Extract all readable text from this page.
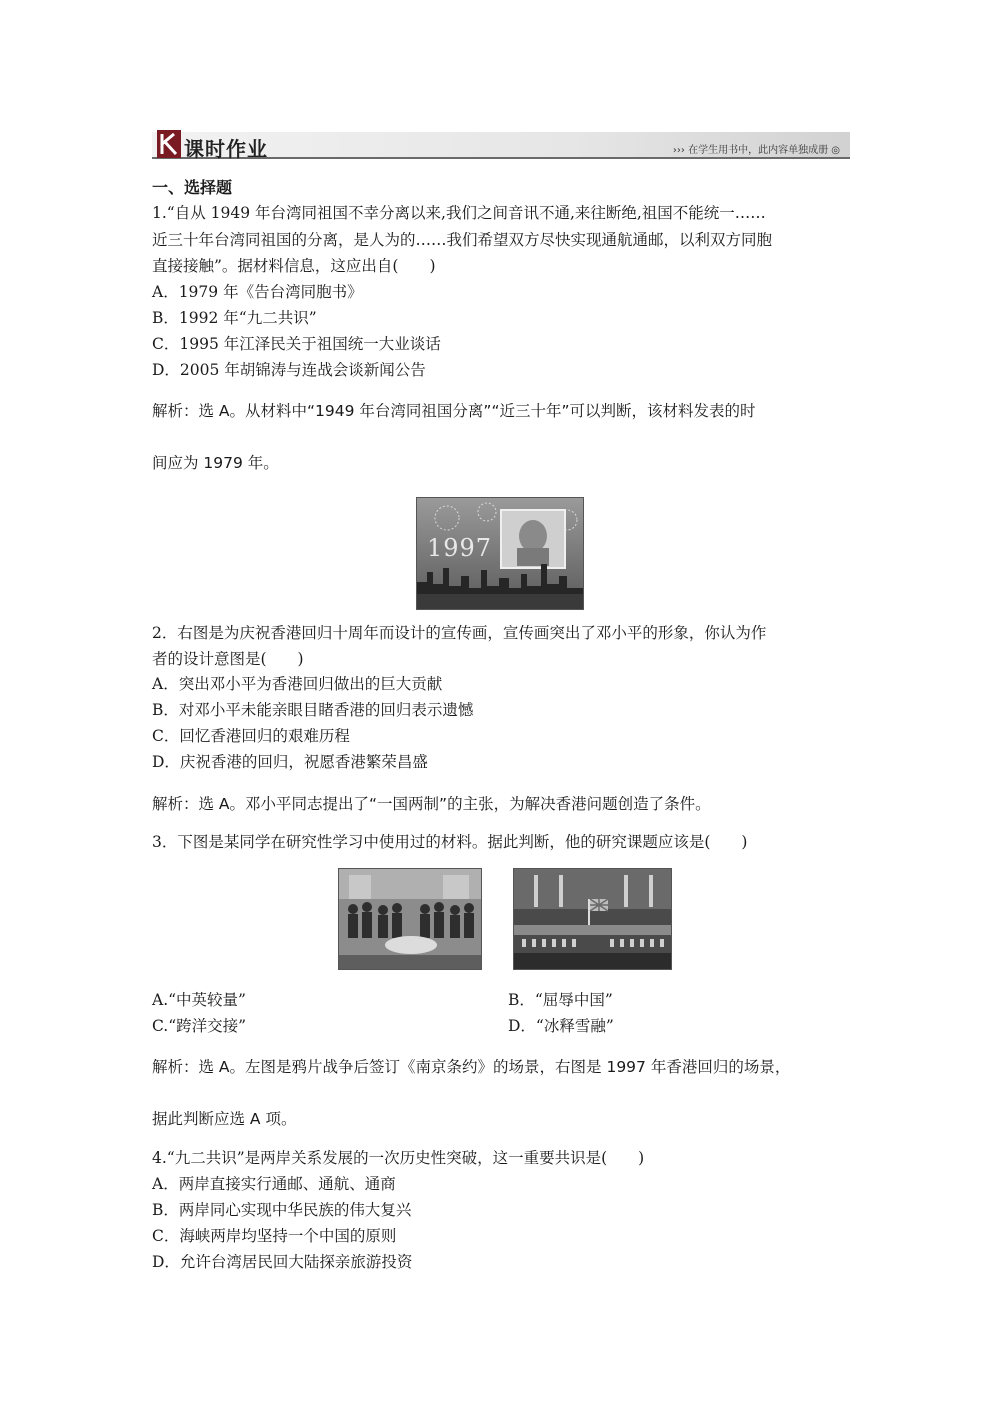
课时作业	››› 在学生用书中，此内容单独成册 ◎
一、选择题
1.“自从 1949 年台湾同祖国不幸分离以来,我们之间音讯不通,来往断绝,祖国不能统一……
近三十年台湾同祖国的分离，是人为的……我们希望双方尽快实现通航通邮，以利双方同胞
直接接触”。据材料信息，这应出自(　　)
A．1979 年《告台湾同胞书》
B．1992 年“九二共识”
C．1995 年江泽民关于祖国统一大业谈话
D．2005 年胡锦涛与连战会谈新闻公告
解析：选 A。从材料中“1949 年台湾同祖国分离”“近三十年”可以判断，该材料发表的时
间应为 1979 年。
1997
2．右图是为庆祝香港回归十周年而设计的宣传画，宣传画突出了邓小平的形象，你认为作
者的设计意图是(　　)
A．突出邓小平为香港回归做出的巨大贡献
B．对邓小平未能亲眼目睹香港的回归表示遗憾
C．回忆香港回归的艰难历程
D．庆祝香港的回归，祝愿香港繁荣昌盛
解析：选 A。邓小平同志提出了“一国两制”的主张，为解决香港问题创造了条件。
3．下图是某同学在研究性学习中使用过的材料。据此判断，他的研究课题应该是(　　)
A.“中英较量”	B．“屈辱中国”
C.“跨洋交接”	D．“冰释雪融”
解析：选 A。左图是鸦片战争后签订《南京条约》的场景，右图是 1997 年香港回归的场景，
据此判断应选 A 项。
4.“九二共识”是两岸关系发展的一次历史性突破，这一重要共识是(　　)
A．两岸直接实行通邮、通航、通商
B．两岸同心实现中华民族的伟大复兴
C．海峡两岸均坚持一个中国的原则
D．允许台湾居民回大陆探亲旅游投资
